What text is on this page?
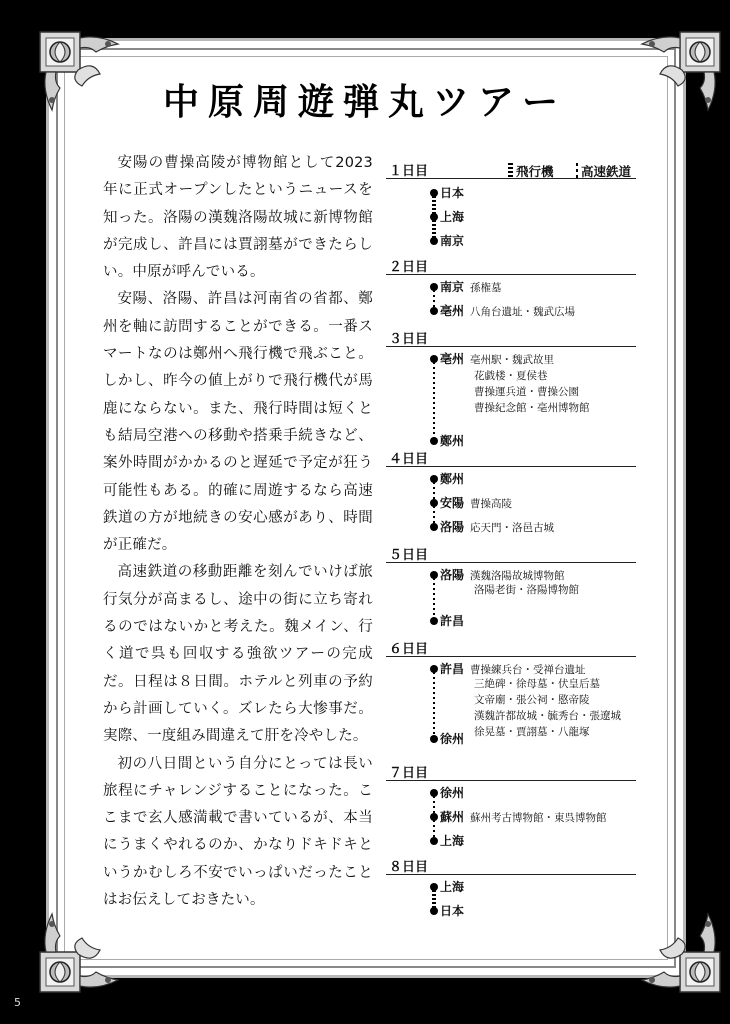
中原周遊弾丸ツアー

安陽の曹操高陵が博物館として2023年に正式オープンしたというニュースを知った。洛陽の漢魏洛陽故城に新博物館が完成し、許昌には賈詡墓ができたらしい。中原が呼んでいる。

安陽、洛陽、許昌は河南省の省都、鄭州を軸に訪問することができる。一番スマートなのは鄭州へ飛行機で飛ぶこと。しかし、昨今の値上がりで飛行機代が馬鹿にならない。また、飛行時間は短くとも結局空港への移動や搭乗手続きなど、案外時間がかかるのと遅延で予定が狂う可能性もある。的確に周遊するなら高速鉄道の方が地続きの安心感があり、時間が正確だ。

高速鉄道の移動距離を刻んでいけば旅行気分が高まるし、途中の街に立ち寄れるのではないかと考えた。魏メイン、行く道で呉も回収する強欲ツアーの完成だ。日程は８日間。ホテルと列車の予約から計画していく。ズレたら大惨事だ。実際、一度組み間違えて肝を冷やした。

初の八日間という自分にとっては長い旅程にチャレンジすることになった。ここまで玄人感満載で書いているが、本当にうまくやれるのか、かなりドキドキというかむしろ不安でいっぱいだったことはお伝えしておきたい。

飛行機	高速鉄道
１日目
日本
上海
南京
２日目
南京 孫権墓
亳州 八角台遺址・魏武広場
３日目
亳州 亳州駅・魏武故里
鄭州
花戯楼・夏侯巷
曹操運兵道・曹操公園
曹操紀念館・亳州博物館
４日目
鄭州
安陽 曹操高陵
洛陽 応天門・洛邑古城
５日目
洛陽 漢魏洛陽故城博物館
許昌
洛陽老街・洛陽博物館
６日目
許昌 曹操練兵台・受禅台遺址
徐州
三絶碑・徐母墓・伏皇后墓
文帝廟・張公祠・愍帝陵
漢魏許都故城・毓秀台・張遼城
徐晃墓・賈詡墓・八龍塚
７日目
徐州
蘇州 蘇州考古博物館・東呉博物館
上海
８日目
上海
日本
5
